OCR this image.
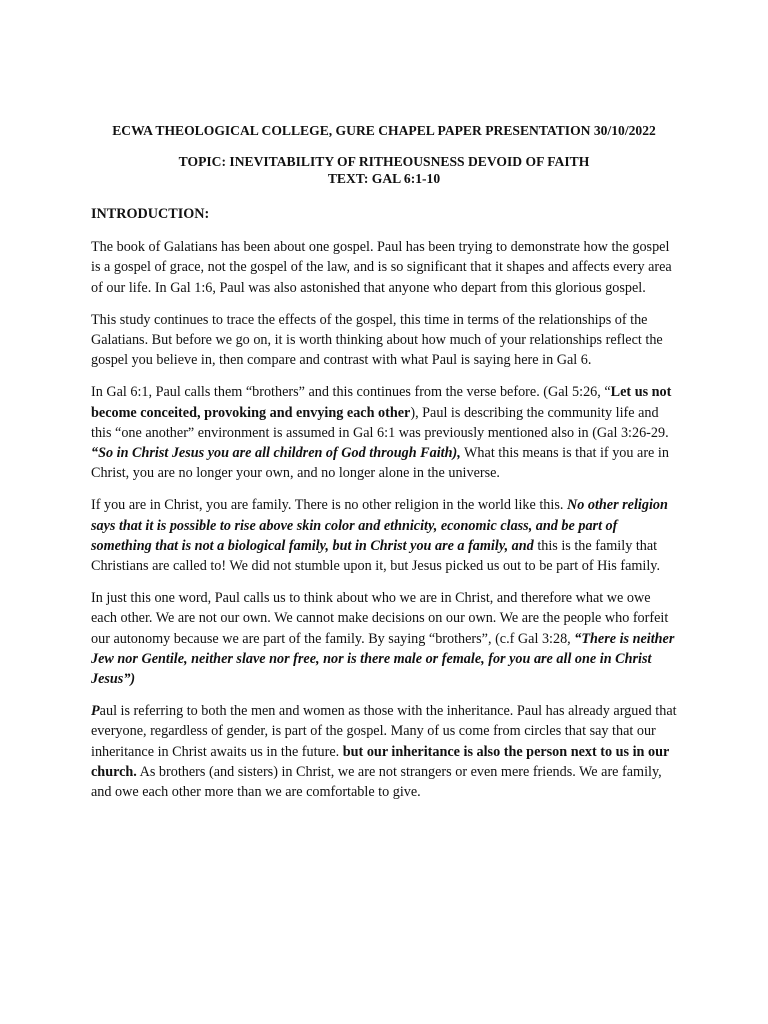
ECWA THEOLOGICAL COLLEGE, GURE CHAPEL PAPER PRESENTATION 30/10/2022
TOPIC: INEVITABILITY OF RITHEOUSNESS DEVOID OF FAITH
TEXT: GAL 6:1-10
INTRODUCTION:

The book of Galatians has been about one gospel. Paul has been trying to demonstrate how the gospel is a gospel of grace, not the gospel of the law, and is so significant that it shapes and affects every area of our life. In Gal 1:6, Paul was also astonished that anyone who depart from this glorious gospel.

This study continues to trace the effects of the gospel, this time in terms of the relationships of the Galatians. But before we go on, it is worth thinking about how much of your relationships reflect the gospel you believe in, then compare and contrast with what Paul is saying here in Gal 6.

In Gal 6:1, Paul calls them “brothers” and this continues from the verse before. (Gal 5:26, “Let us not become conceited, provoking and envying each other), Paul is describing the community life and this “one another” environment is assumed in Gal 6:1 was previously mentioned also in (Gal 3:26-29. “So in Christ Jesus you are all children of God through Faith), What this means is that if you are in Christ, you are no longer your own, and no longer alone in the universe.

If you are in Christ, you are family. There is no other religion in the world like this. No other religion says that it is possible to rise above skin color and ethnicity, economic class, and be part of something that is not a biological family, but in Christ you are a family, and this is the family that Christians are called to! We did not stumble upon it, but Jesus picked us out to be part of His family.

In just this one word, Paul calls us to think about who we are in Christ, and therefore what we owe each other. We are not our own. We cannot make decisions on our own. We are the people who forfeit our autonomy because we are part of the family. By saying “brothers”, (c.f Gal 3:28, “There is neither Jew nor Gentile, neither slave nor free, nor is there male or female, for you are all one in Christ Jesus”)

Paul is referring to both the men and women as those with the inheritance. Paul has already argued that everyone, regardless of gender, is part of the gospel. Many of us come from circles that say that our inheritance in Christ awaits us in the future. but our inheritance is also the person next to us in our church. As brothers (and sisters) in Christ, we are not strangers or even mere friends. We are family, and owe each other more than we are comfortable to give.
